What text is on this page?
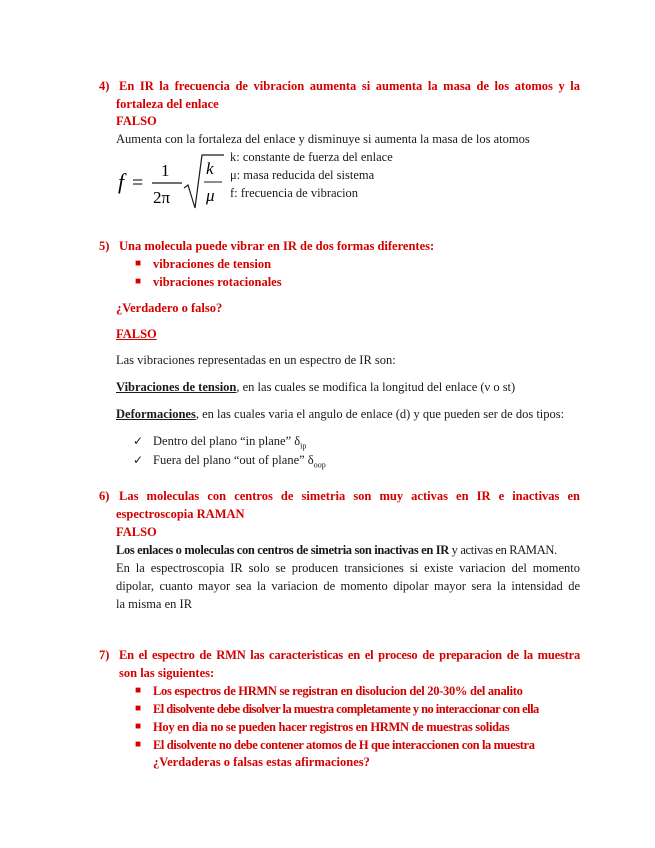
4) En IR la frecuencia de vibracion aumenta si aumenta la masa de los atomos y la
fortaleza del enlace
FALSO
Aumenta con la fortaleza del enlace y disminuye si aumenta la masa de los atomos
f =
1
2π
k
μ
k: constante de fuerza del enlace
μ: masa reducida del sistema
f: frecuencia de vibracion
5) Una molecula puede vibrar en IR de dos formas diferentes:
■ vibraciones de tension
■ vibraciones rotacionales
¿Verdadero o falso?
FALSO
Las vibraciones representadas en un espectro de IR son:
Vibraciones de tension, en las cuales se modifica la longitud del enlace (ν o st)
Deformaciones, en las cuales varia el angulo de enlace (d) y que pueden ser de dos tipos:
✓ Dentro del plano “in plane” $\delta_{ip}$
✓ Fuera del plano “out of plane” $\delta_{oop}$
6) Las moleculas con centros de simetria son muy activas en IR e inactivas en
espectroscopia RAMAN
FALSO
Los enlaces o moleculas con centros de simetria son inactivas en IR y activas en RAMAN.
En la espectroscopia IR solo se producen transiciones si existe variacion del momento
dipolar, cuanto mayor sea la variacion de momento dipolar mayor sera la intensidad de
la misma en IR
7) En el espectro de RMN las caracteristicas en el proceso de preparacion de la muestra
son las siguientes:
■ Los espectros de HRMN se registran en disolucion del 20-30% del analito
■ El disolvente debe disolver la muestra completamente y no interaccionar con ella
■ Hoy en dia no se pueden hacer registros en HRMN de muestras solidas
■ El disolvente no debe contener atomos de H que interaccionen con la muestra
¿Verdaderas o falsas estas afirmaciones?
